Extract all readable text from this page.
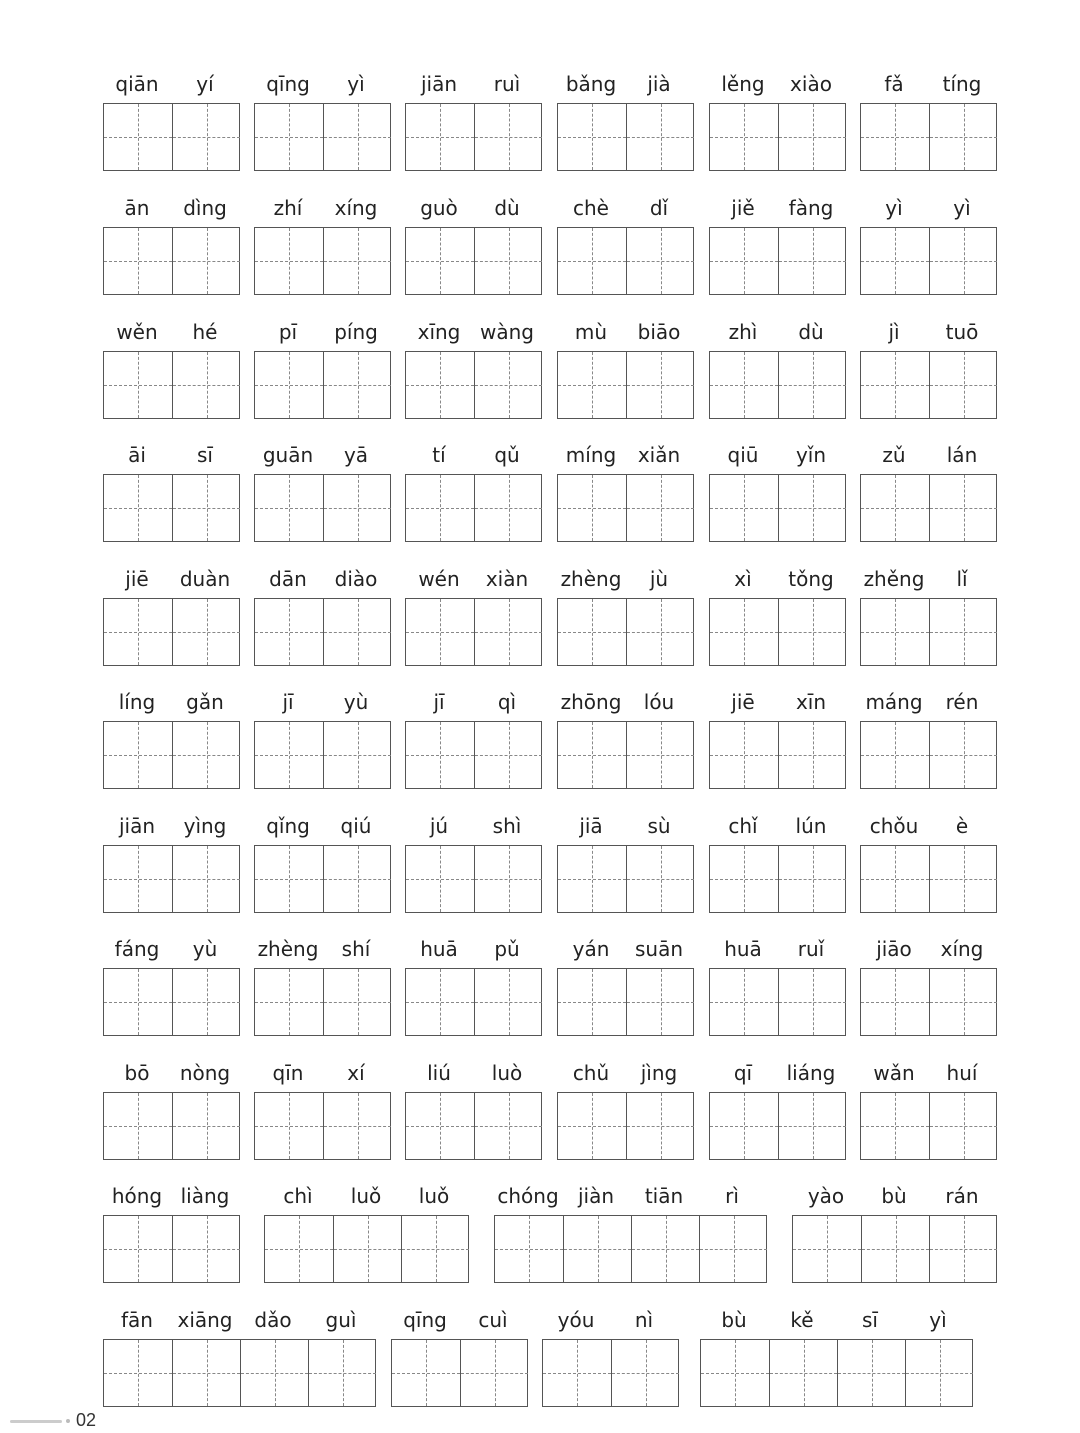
qiān	yí	qīng	yì	jiān	ruì	bǎng	jià	lěng	xiào	fǎ	tíng
ān	dìng	zhí	xíng	guò	dù	chè	dǐ	jiě	fàng	yì	yì
wěn	hé	pī	píng	xīng wàng	mù	biāo	zhì	dù	jì	tuō
āi	sī	guān	yā	tí	qǔ	míng	xiǎn	qiū	yǐn	zǔ	lán
jiē	duàn	dān	diào	wén	xiàn	zhèng	jù	xì	tǒng	zhěng	lǐ
líng	gǎn	jī	yù	jī	qì	zhōng	lóu	jiē	xīn	máng	rén
jiān	yìng	qǐng	qiú	jú	shì	jiā	sù	chǐ	lún	chǒu	è
fáng	yù	zhèng	shí	huā	pǔ	yán	suān	huā	ruǐ	jiāo	xíng
bō	nòng	qīn	xí	liú	luò	chǔ	jìng	qī	liáng	wǎn	huí
hóng liàng	chì	luǒ	luǒ	chóng jiàn	tiān	rì	yào	bù	rán
fān	xiāng	dǎo	guì	qīng	cuì	yóu	nì	bù	kě	sī	yì
02
